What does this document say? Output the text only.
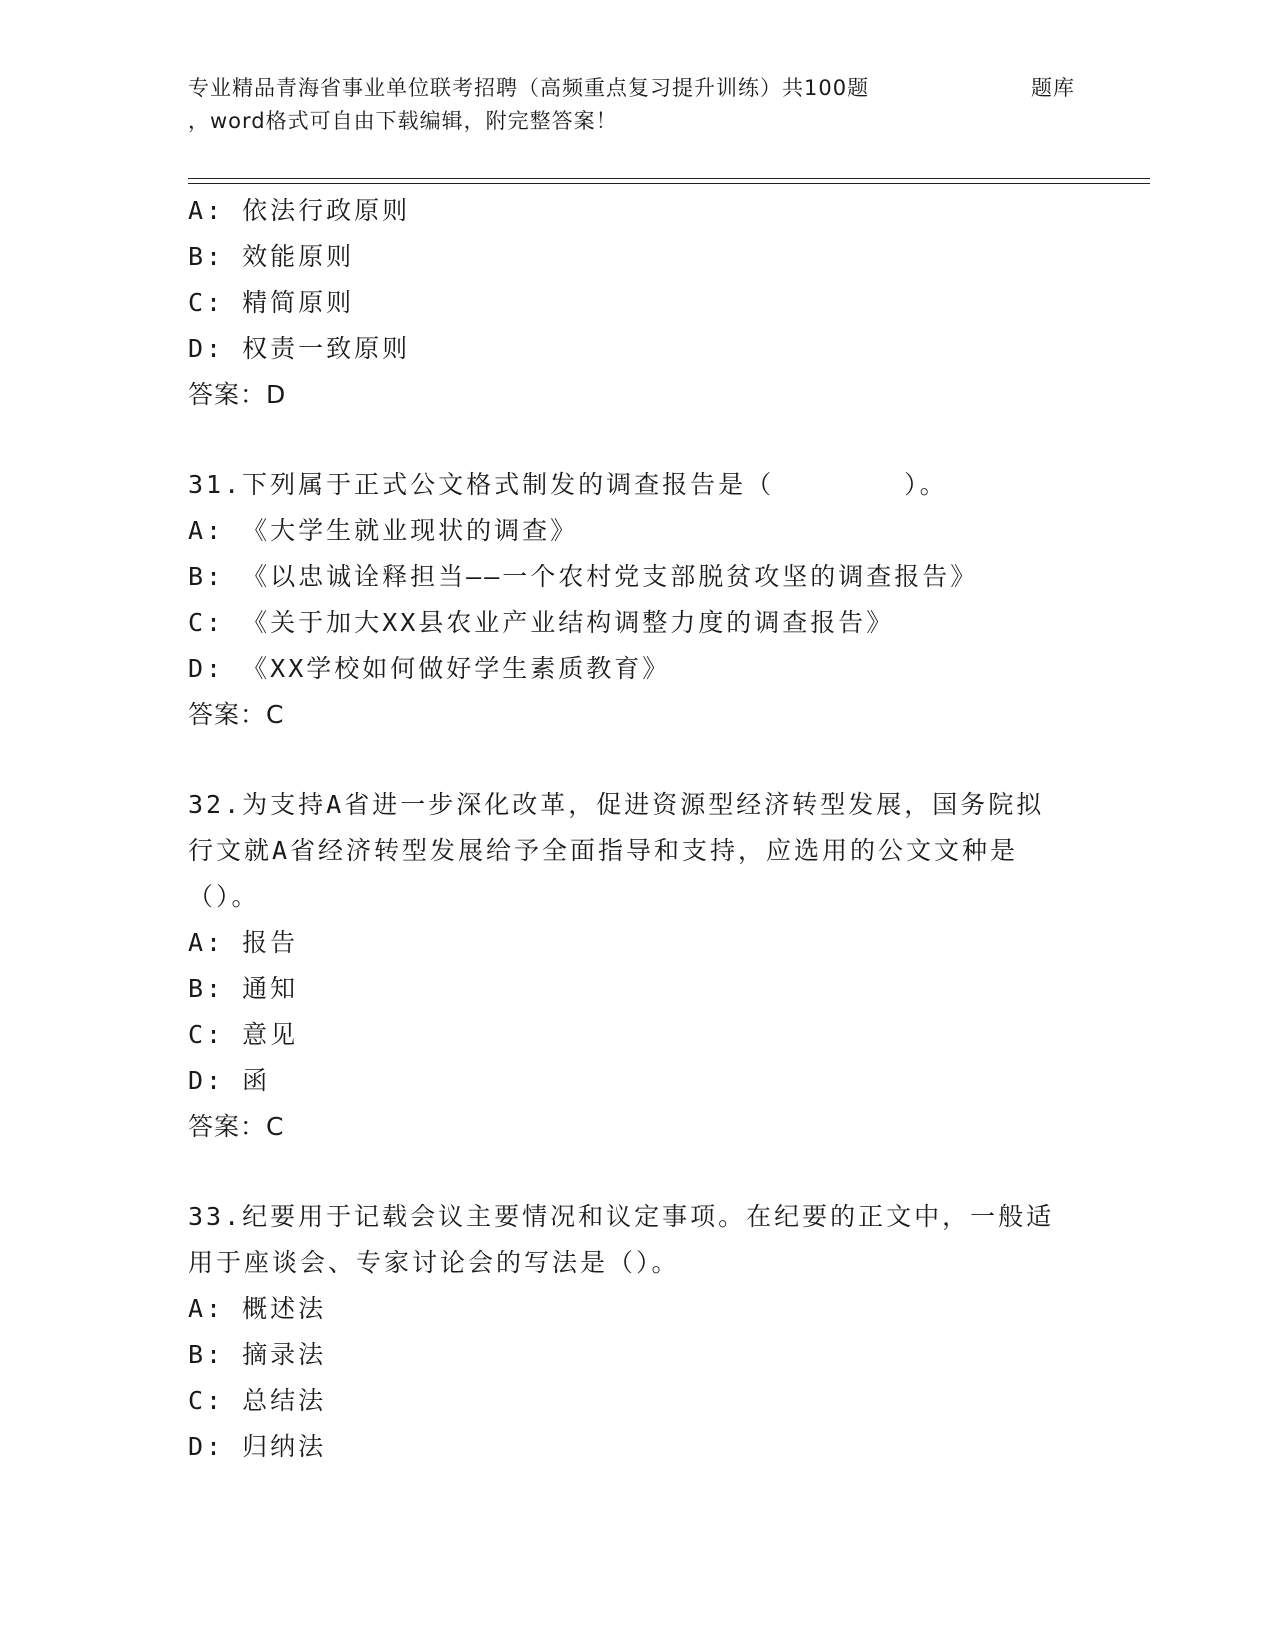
专业精品青海省事业单位联考招聘（高频重点复习提升训练）共100题	题库
，word格式可自由下载编辑，附完整答案！
A: 依法行政原则
B: 效能原则
C: 精简原则
D: 权责一致原则
答案：D
31.下列属于正式公文格式制发的调查报告是（	）。
A: 《大学生就业现状的调查》
B: 《以忠诚诠释担当——一个农村党支部脱贫攻坚的调查报告》
C: 《关于加大XX县农业产业结构调整力度的调查报告》
D: 《XX学校如何做好学生素质教育》
答案：C
32.为支持A省进一步深化改革，促进资源型经济转型发展，国务院拟
行文就A省经济转型发展给予全面指导和支持，应选用的公文文种是
（）。
A: 报告
B: 通知
C: 意见
D: 函
答案：C
33.纪要用于记载会议主要情况和议定事项。在纪要的正文中，一般适
用于座谈会、专家讨论会的写法是（）。
A: 概述法
B: 摘录法
C: 总结法
D: 归纳法
